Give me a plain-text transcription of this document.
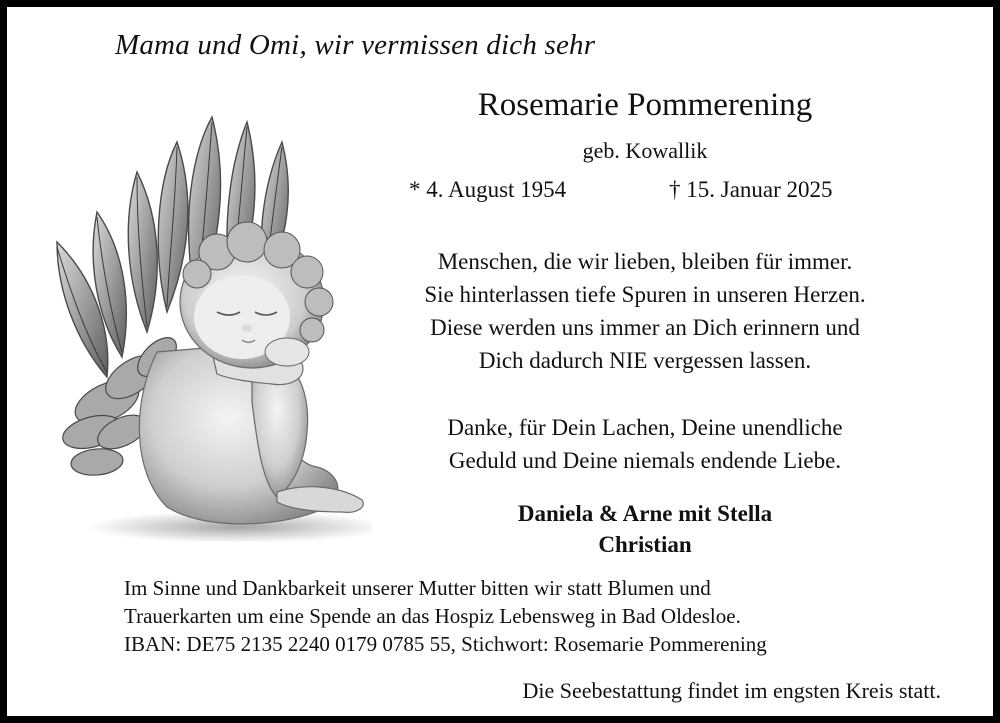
Mama und Omi, wir vermissen dich sehr
Rosemarie Pommerening
geb. Kowallik
* 4. August 1954	† 15. Januar 2025
Menschen, die wir lieben, bleiben für immer.
Sie hinterlassen tiefe Spuren in unseren Herzen.
Diese werden uns immer an Dich erinnern und
Dich dadurch NIE vergessen lassen.
Danke, für Dein Lachen, Deine unendliche
Geduld und Deine niemals endende Liebe.
Daniela & Arne mit Stella
Christian
Im Sinne und Dankbarkeit unserer Mutter bitten wir statt Blumen und
Trauerkarten um eine Spende an das Hospiz Lebensweg in Bad Oldesloe.
IBAN: DE75 2135 2240 0179 0785 55, Stichwort: Rosemarie Pommerening
Die Seebestattung findet im engsten Kreis statt.
